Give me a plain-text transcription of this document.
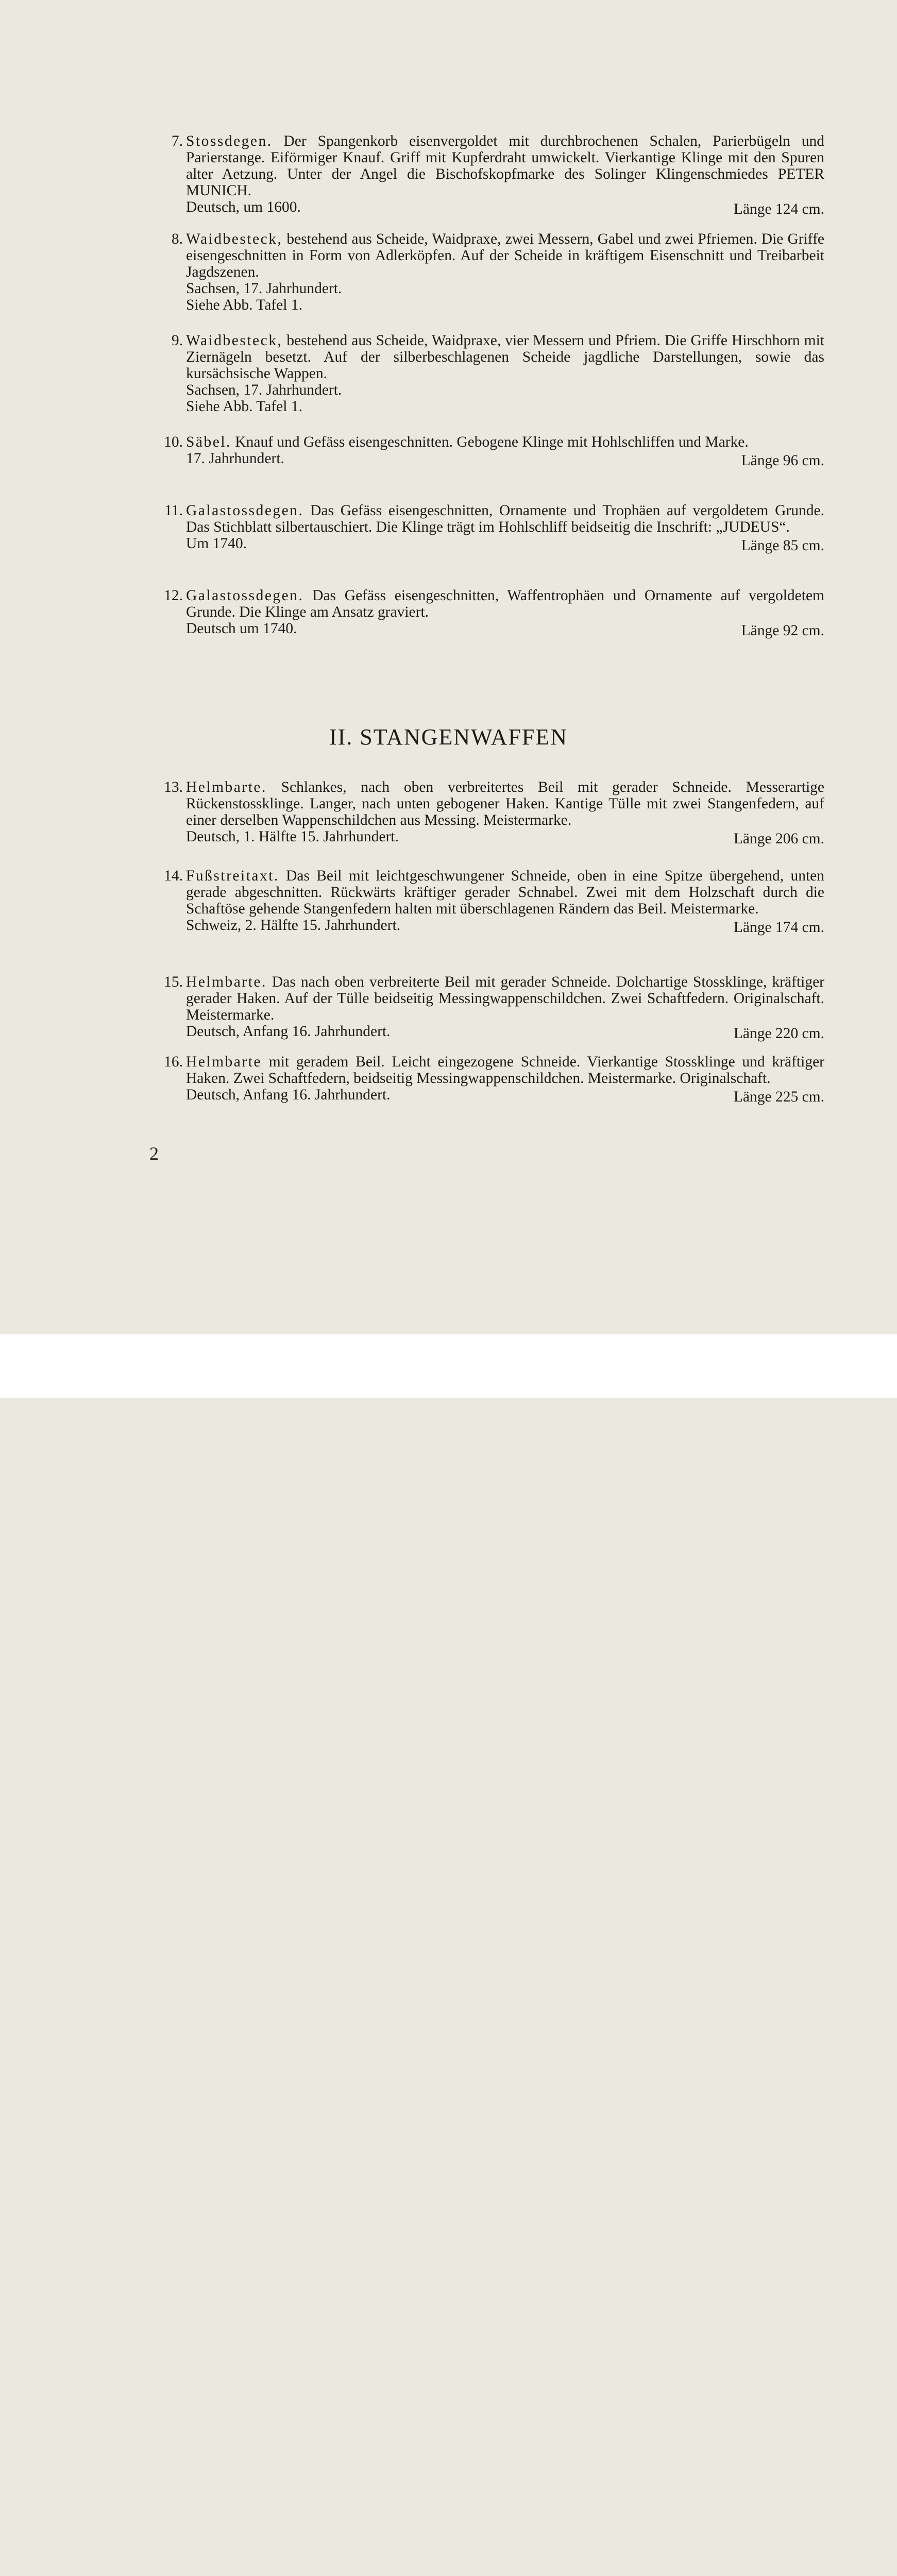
7. Stossdegen. Der Spangenkorb eisenvergoldet mit durchbrochenen Schalen, Parierbügeln und Parierstange. Eiförmiger Knauf. Griff mit Kupferdraht umwickelt. Vierkantige Klinge mit den Spuren alter Aetzung. Unter der Angel die Bischofskopfmarke des Solinger Klingenschmiedes PETER MUNICH.
Deutsch, um 1600.	Länge 124 cm.
8. Waidbesteck, bestehend aus Scheide, Waidpraxe, zwei Messern, Gabel und zwei Pfriemen. Die Griffe eisengeschnitten in Form von Adlerköpfen. Auf der Scheide in kräftigem Eisenschnitt und Treibarbeit Jagdszenen.
Sachsen, 17. Jahrhundert.
Siehe Abb. Tafel 1.
9. Waidbesteck, bestehend aus Scheide, Waidpraxe, vier Messern und Pfriem. Die Griffe Hirschhorn mit Ziernägeln besetzt. Auf der silberbeschlagenen Scheide jagdliche Darstellungen, sowie das kursächsische Wappen.
Sachsen, 17. Jahrhundert.
Siehe Abb. Tafel 1.
10. Säbel. Knauf und Gefäss eisengeschnitten. Gebogene Klinge mit Hohlschliffen und Marke.
17. Jahrhundert.	Länge 96 cm.
11. Galastossdegen. Das Gefäss eisengeschnitten, Ornamente und Trophäen auf vergoldetem Grunde. Das Stichblatt silbertauschiert. Die Klinge trägt im Hohlschliff beidseitig die Inschrift: „JUDEUS“.
Um 1740.	Länge 85 cm.
12. Galastossdegen. Das Gefäss eisengeschnitten, Waffentrophäen und Ornamente auf vergoldetem Grunde. Die Klinge am Ansatz graviert.
Deutsch um 1740.	Länge 92 cm.
13. Helmbarte. Schlankes, nach oben verbreitertes Beil mit gerader Schneide. Messerartige Rückenstossklinge. Langer, nach unten gebogener Haken. Kantige Tülle mit zwei Stangenfedern, auf einer derselben Wappenschildchen aus Messing. Meistermarke.
Deutsch, 1. Hälfte 15. Jahrhundert.	Länge 206 cm.
14. Fußstreitaxt. Das Beil mit leichtgeschwungener Schneide, oben in eine Spitze übergehend, unten gerade abgeschnitten. Rückwärts kräftiger gerader Schnabel. Zwei mit dem Holzschaft durch die Schaftöse gehende Stangenfedern halten mit überschlagenen Rändern das Beil. Meistermarke.
Schweiz, 2. Hälfte 15. Jahrhundert.	Länge 174 cm.
15. Helmbarte. Das nach oben verbreiterte Beil mit gerader Schneide. Dolchartige Stossklinge, kräftiger gerader Haken. Auf der Tülle beidseitig Messingwappenschildchen. Zwei Schaftfedern. Originalschaft. Meistermarke.
Deutsch, Anfang 16. Jahrhundert.	Länge 220 cm.
16. Helmbarte mit geradem Beil. Leicht eingezogene Schneide. Vierkantige Stossklinge und kräftiger Haken. Zwei Schaftfedern, beidseitig Messingwappenschildchen. Meistermarke. Originalschaft.
Deutsch, Anfang 16. Jahrhundert.	Länge 225 cm.
II. STANGENWAFFEN
2
